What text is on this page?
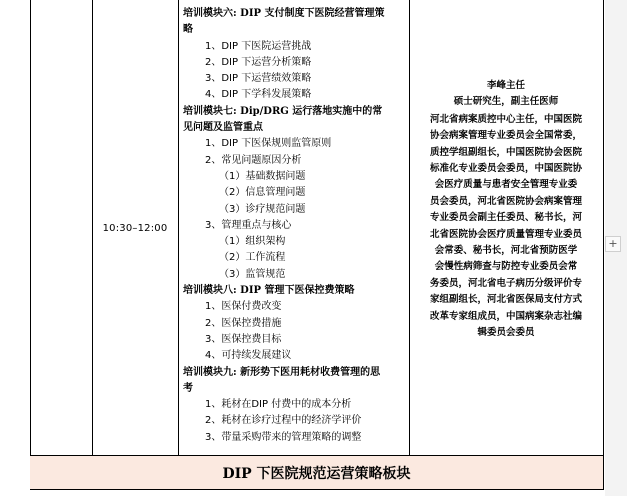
10:30–12:00
培训模块六: DIP 支付制度下医院经营管理策
略
1、DIP 下医院运营挑战
2、DIP 下运营分析策略
3、DIP 下运营绩效策略
4、DIP 下学科发展策略
培训模块七: Dip/DRG 运行落地实施中的常
见问题及监管重点
1、DIP 下医保规则监管原则
2、常见问题原因分析
（1）基础数据问题
（2）信息管理问题
（3）诊疗规范问题
3、管理重点与核心
（1）组织架构
（2）工作流程
（3）监管规范
培训模块八: DIP 管理下医保控费策略
1、医保付费改变
2、医保控费措施
3、医保控费目标
4、可持续发展建议
培训模块九: 新形势下医用耗材收费管理的思
考
1、耗材在DIP 付费中的成本分析
2、耗材在诊疗过程中的经济学评价
3、带量采购带来的管理策略的调整
李峰主任
硕士研究生，副主任医师
河北省病案质控中心主任，中国医院
协会病案管理专业委员会全国常委，
质控学组副组长，中国医院协会医院
标准化专业委员会委员，中国医院协
会医疗质量与患者安全管理专业委
员会委员，河北省医院协会病案管理
专业委员会副主任委员、秘书长，河
北省医院协会医疗质量管理专业委员
会常委、秘书长，河北省预防医学
会慢性病筛查与防控专业委员会常
务委员，河北省电子病历分级评价专
家组副组长，河北省医保局支付方式
改革专家组成员，中国病案杂志社编
辑委员会委员
DIP 下医院规范运营策略板块
+
